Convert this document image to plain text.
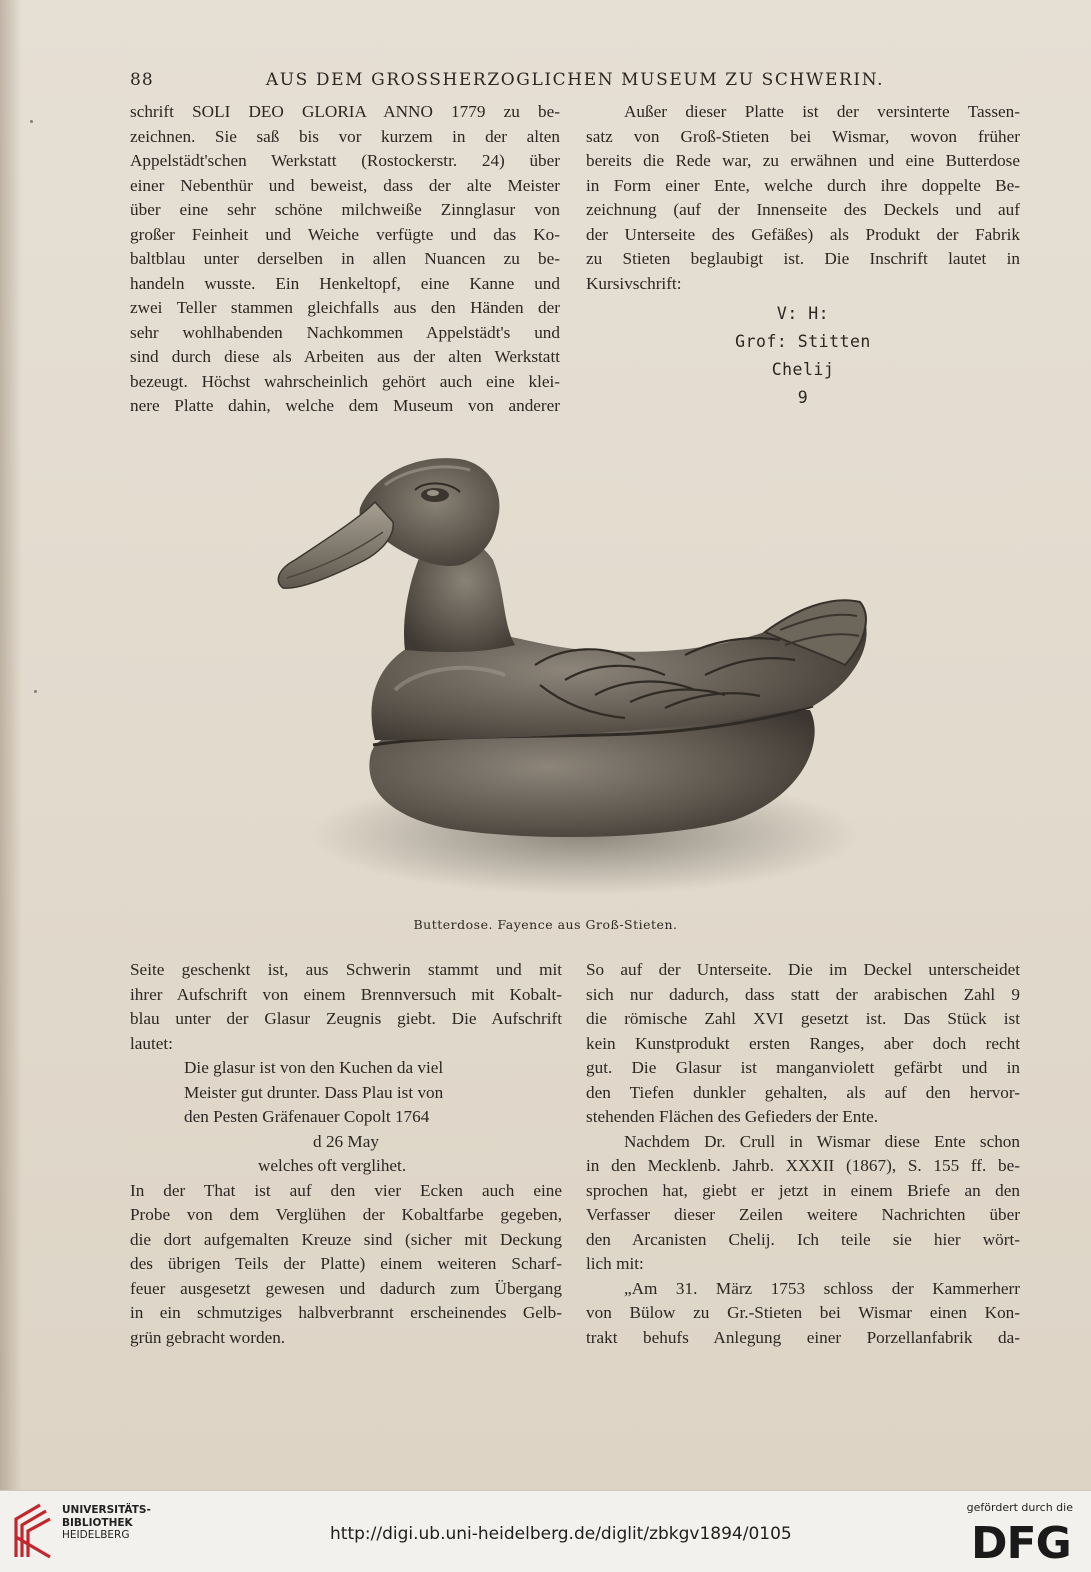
88	AUS DEM GROSSHERZOGLICHEN MUSEUM ZU SCHWERIN.
schrift SOLI DEO GLORIA ANNO 1779 zu be-
zeichnen. Sie saß bis vor kurzem in der alten
Appelstädt'schen Werkstatt (Rostockerstr. 24) über
einer Nebenthür und beweist, dass der alte Meister
über eine sehr schöne milchweiße Zinnglasur von
großer Feinheit und Weiche verfügte und das Ko-
baltblau unter derselben in allen Nuancen zu be-
handeln wusste. Ein Henkeltopf, eine Kanne und
zwei Teller stammen gleichfalls aus den Händen der
sehr wohlhabenden Nachkommen Appelstädt's und
sind durch diese als Arbeiten aus der alten Werkstatt
bezeugt. Höchst wahrscheinlich gehört auch eine klei-
nere Platte dahin, welche dem Museum von anderer
Außer dieser Platte ist der versinterte Tassen-
satz von Groß-Stieten bei Wismar, wovon früher
bereits die Rede war, zu erwähnen und eine Butterdose
in Form einer Ente, welche durch ihre doppelte Be-
zeichnung (auf der Innenseite des Deckels und auf
der Unterseite des Gefäßes) als Produkt der Fabrik
zu Stieten beglaubigt ist. Die Inschrift lautet in
Kursivschrift:
V: H:
Grof: Stitten
Chelij
9
Butterdose. Fayence aus Groß-Stieten.
Seite geschenkt ist, aus Schwerin stammt und mit
ihrer Aufschrift von einem Brennversuch mit Kobalt-
blau unter der Glasur Zeugnis giebt. Die Aufschrift
lautet:
Die glasur ist von den Kuchen da viel
Meister gut drunter. Dass Plau ist von
den Pesten Gräfenauer Copolt 1764
d 26 May
welches oft verglihet.
In der That ist auf den vier Ecken auch eine
Probe von dem Verglühen der Kobaltfarbe gegeben,
die dort aufgemalten Kreuze sind (sicher mit Deckung
des übrigen Teils der Platte) einem weiteren Scharf-
feuer ausgesetzt gewesen und dadurch zum Übergang
in ein schmutziges halbverbrannt erscheinendes Gelb-
grün gebracht worden.
So auf der Unterseite. Die im Deckel unterscheidet
sich nur dadurch, dass statt der arabischen Zahl 9
die römische Zahl XVI gesetzt ist. Das Stück ist
kein Kunstprodukt ersten Ranges, aber doch recht
gut. Die Glasur ist manganviolett gefärbt und in
den Tiefen dunkler gehalten, als auf den hervor-
stehenden Flächen des Gefieders der Ente.
Nachdem Dr. Crull in Wismar diese Ente schon
in den Mecklenb. Jahrb. XXXII (1867), S. 155 ff. be-
sprochen hat, giebt er jetzt in einem Briefe an den
Verfasser dieser Zeilen weitere Nachrichten über
den Arcanisten Chelij. Ich teile sie hier wört-
lich mit:
„Am 31. März 1753 schloss der Kammerherr
von Bülow zu Gr.-Stieten bei Wismar einen Kon-
trakt behufs Anlegung einer Porzellanfabrik da-
UNIVERSITÄTS-
BIBLIOTHEK
HEIDELBERG	http://digi.ub.uni-heidelberg.de/diglit/zbkgv1894/0105
gefördert durch die
DFG
